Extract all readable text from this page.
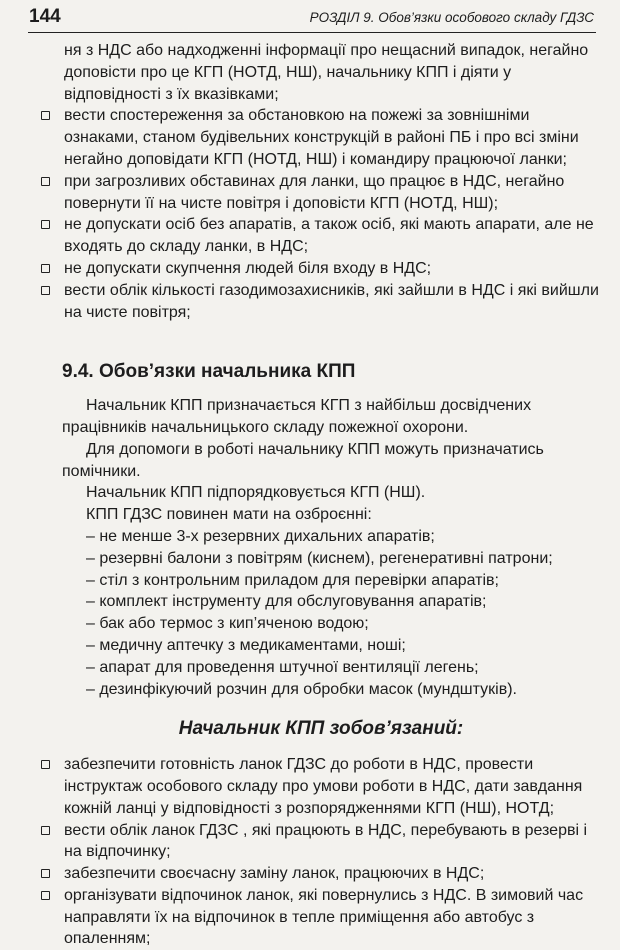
144	РОЗДІЛ 9. Обов’язки особового складу ГДЗС
ня з НДС або надходженні інформації про нещасний випадок, негайно доповісти про це КГП (НОТД, НШ), начальнику КПП і діяти у відповідності з їх вказівками;
вести спостереження за обстановкою на пожежі за зовнішніми ознаками, станом будівельних конструкцій в районі ПБ і про всі зміни негайно доповідати КГП (НОТД, НШ) і командиру працюючої ланки;
при загрозливих обставинах для ланки, що працює в НДС, негайно повернути її на чисте повітря і доповісти КГП (НОТД, НШ);
не допускати осіб без апаратів, а також осіб, які мають апарати, але не входять до складу ланки, в НДС;
не допускати скупчення людей біля входу в НДС;
вести облік кількості газодимозахисників, які зайшли в НДС і які вийшли на чисте повітря;
9.4. Обов’язки начальника КПП
Начальник КПП призначається КГП з найбільш досвідчених працівників начальницького складу пожежної охорони.
Для допомоги в роботі начальнику КПП можуть призначатись помічники.
Начальник КПП підпорядковується КГП (НШ).
КПП ГДЗС повинен мати на озброєнні:
– не менше 3-х резервних дихальних апаратів;
– резервні балони з повітрям (киснем), регенеративні патрони;
– стіл з контрольним приладом для перевірки апаратів;
– комплект інструменту для обслуговування апаратів;
– бак або термос з кип’яченою водою;
– медичну аптечку з медикаментами, ноші;
– апарат для проведення штучної вентиляції легень;
– дезинфікуючий розчин для обробки масок (мундштуків).
Начальник КПП зобов’язаний:
забезпечити готовність ланок ГДЗС до роботи в НДС, провести інструктаж особового складу про умови роботи в НДС, дати завдання кожній ланці у відповідності з розпорядженнями КГП (НШ), НОТД;
вести облік ланок ГДЗС , які працюють в НДС, перебувають в резерві і на відпочинку;
забезпечити своєчасну заміну ланок, працюючих в НДС;
організувати відпочинок ланок, які повернулись з НДС. В зимовий час направляти їх на відпочинок в тепле приміщення або автобус з опаленням;
